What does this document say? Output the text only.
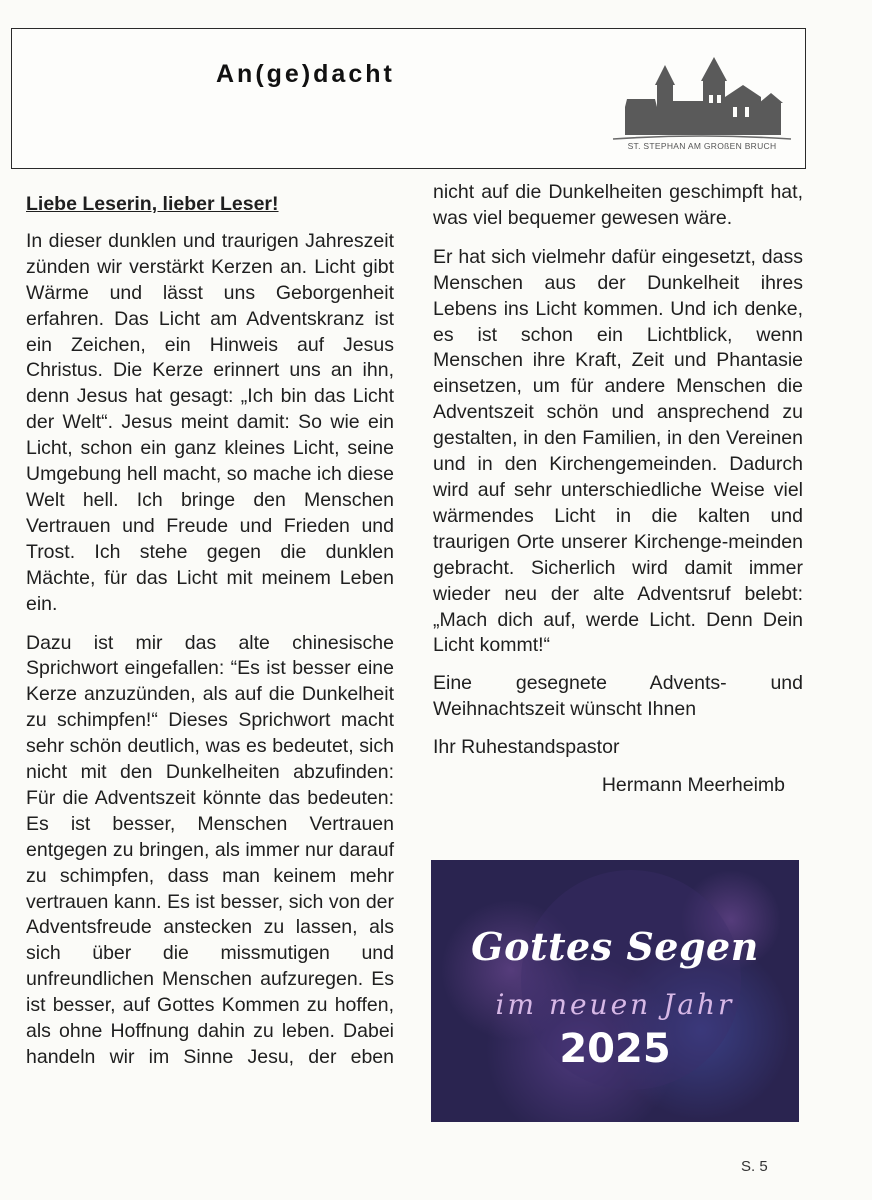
An(ge)dacht
ST. STEPHAN AM GROßEN BRUCH

Liebe Leserin, lieber Leser!

In dieser dunklen und traurigen Jahreszeit zünden wir verstärkt Kerzen an. Licht gibt Wärme und lässt uns Geborgenheit erfahren. Das Licht am Adventskranz ist ein Zeichen, ein Hinweis auf Jesus Christus. Die Kerze erinnert uns an ihn, denn Jesus hat gesagt: „Ich bin das Licht der Welt“. Jesus meint damit: So wie ein Licht, schon ein ganz kleines Licht, seine Umgebung hell macht, so mache ich diese Welt hell. Ich bringe den Menschen Vertrauen und Freude und Frieden und Trost. Ich stehe gegen die dunklen Mächte, für das Licht mit meinem Leben ein.

Dazu ist mir das alte chinesische Sprichwort eingefallen: “Es ist besser eine Kerze anzuzünden, als auf die Dunkelheit zu schimpfen!“ Dieses Sprichwort macht sehr schön deutlich, was es bedeutet, sich nicht mit den Dunkelheiten abzufinden: Für die Adventszeit könnte das bedeuten: Es ist besser, Menschen Vertrauen entgegen zu bringen, als immer nur darauf zu schimpfen, dass man keinem mehr vertrauen kann. Es ist besser, sich von der Adventsfreude anstecken zu lassen, als sich über die missmutigen und unfreundlichen Menschen aufzuregen. Es ist besser, auf Gottes Kommen zu hoffen, als ohne Hoffnung dahin zu leben. Dabei handeln wir im Sinne Jesu, der eben

nicht auf die Dunkelheiten geschimpft hat, was viel bequemer gewesen wäre.

Er hat sich vielmehr dafür eingesetzt, dass Menschen aus der Dunkelheit ihres Lebens ins Licht kommen. Und ich denke, es ist schon ein Lichtblick, wenn Menschen ihre Kraft, Zeit und Phantasie einsetzen, um für andere Menschen die Adventszeit schön und ansprechend zu gestalten, in den Familien, in den Vereinen und in den Kirchengemeinden. Dadurch wird auf sehr unterschiedliche Weise viel wärmendes Licht in die kalten und traurigen Orte unserer Kirchenge-meinden gebracht. Sicherlich wird damit immer wieder neu der alte Adventsruf belebt: „Mach dich auf, werde Licht. Denn Dein Licht kommt!“

Eine gesegnete Advents- und Weihnachtszeit wünscht Ihnen

Ihr Ruhestandspastor

Hermann Meerheimb

Gottes Segen
im neuen Jahr
2025
S. 5
